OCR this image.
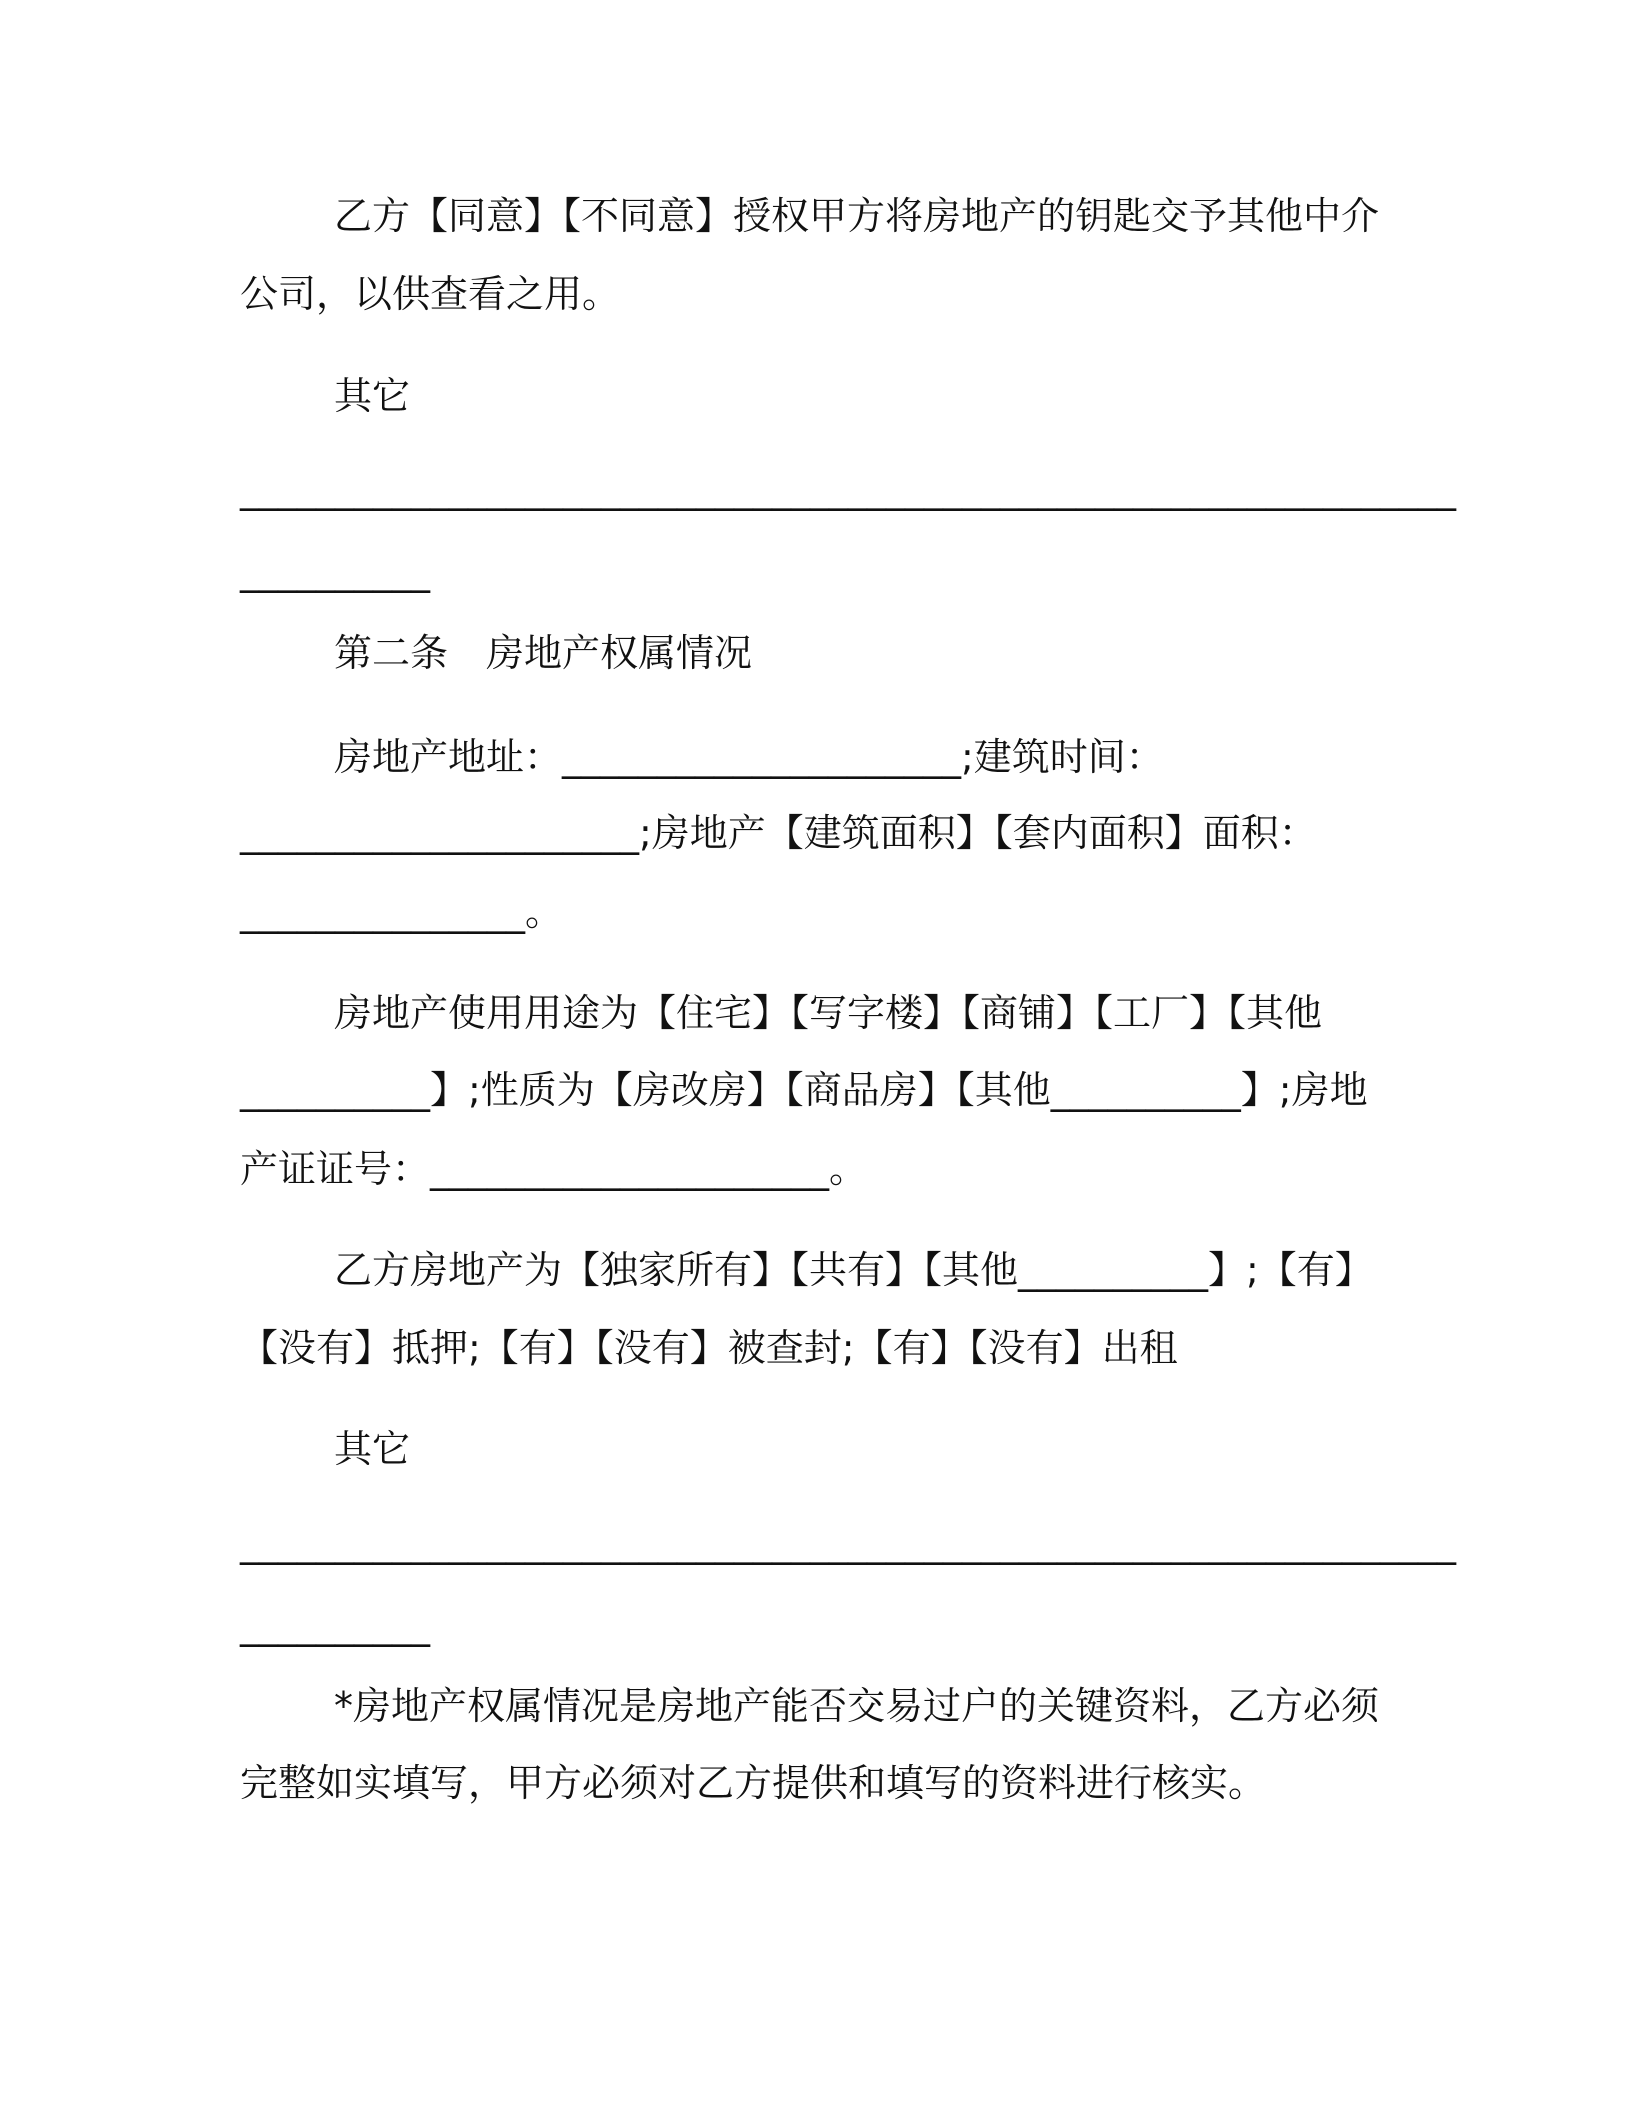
乙方【同意】【不同意】授权甲方将房地产的钥匙交予其他中介
公司，以供查看之用。
其它
________________________________________________________________
__________
第二条　房地产权属情况
房地产地址：_____________________;建筑时间：
_____________________;房地产【建筑面积】【套内面积】面积：
_______________。
房地产使用用途为【住宅】【写字楼】【商铺】【工厂】【其他
__________】;性质为【房改房】【商品房】【其他__________】;房地
产证证号：_____________________。
乙方房地产为【独家所有】【共有】【其他__________】;【有】
【没有】抵押;【有】【没有】被查封;【有】【没有】出租
其它
________________________________________________________________
__________
*房地产权属情况是房地产能否交易过户的关键资料，乙方必须
完整如实填写，甲方必须对乙方提供和填写的资料进行核实。
